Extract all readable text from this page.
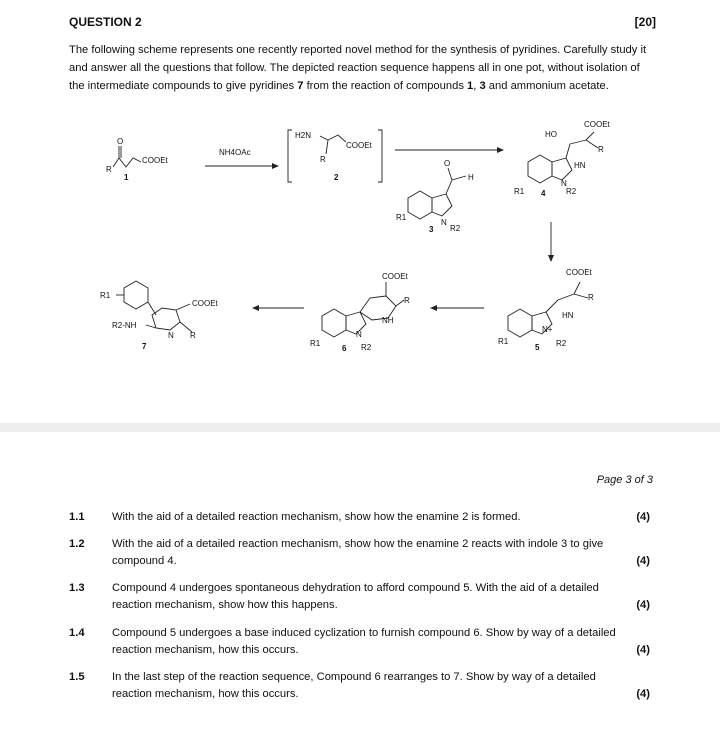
QUESTION 2	[20]
The following scheme represents one recently reported novel method for the synthesis of pyridines. Carefully study it and answer all the questions that follow. The depicted reaction sequence happens all in one pot, without isolation of the intermediate compounds to give pyridines 7 from the reaction of compounds 1, 3 and ammonium acetate.
O
R
COOEt
1
NH4OAc
H2N
COOEt
R
2
O
H
N
R2
R1
3
HO
COOEt
R
HN
N
R2
R1 4
COOEt
R
HN
N+
R2
R1
5
COOEt
R
NH
N
R2
R1
6
R1
COOEt
R
N
R2-NH
7
Page 3 of 3
1.1 With the aid of a detailed reaction mechanism, show how the enamine 2 is formed.	(4)
1.2 With the aid of a detailed reaction mechanism, show how the enamine 2 reacts with indole 3 to give compound 4.	(4)
1.3 Compound 4 undergoes spontaneous dehydration to afford compound 5. With the aid of a detailed reaction mechanism, show how this happens.	(4)
1.4 Compound 5 undergoes a base induced cyclization to furnish compound 6. Show by way of a detailed reaction mechanism, how this occurs.	(4)
1.5 In the last step of the reaction sequence, Compound 6 rearranges to 7. Show by way of a detailed reaction mechanism, how this occurs.	(4)
